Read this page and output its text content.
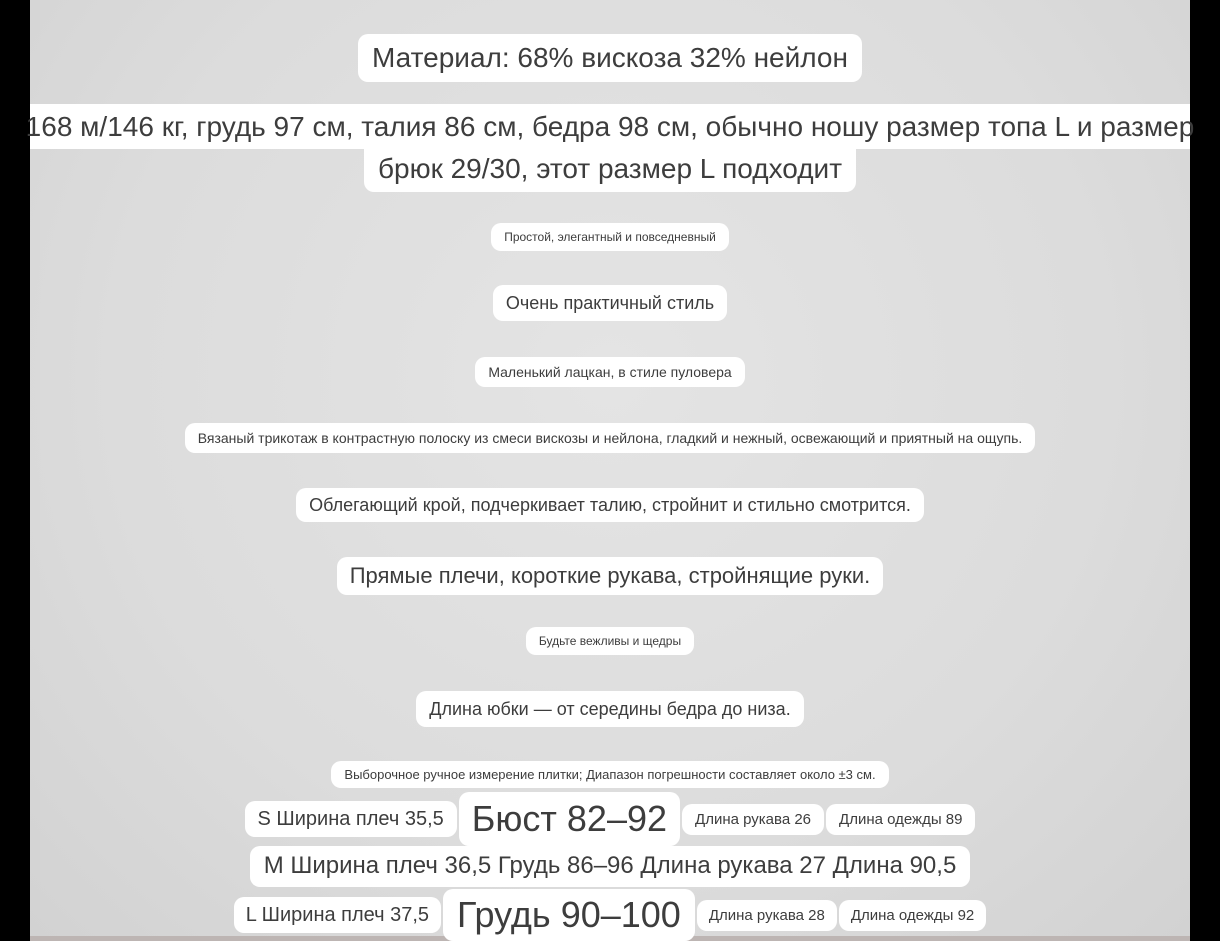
Материал: 68% вискоза 32% нейлон
168 м/146 кг, грудь 97 см, талия 86 см, бедра 98 см, обычно ношу размер топа L и размер
брюк 29/30, этот размер L подходит
Простой, элегантный и повседневный
Очень практичный стиль
Маленький лацкан, в стиле пуловера
Вязаный трикотаж в контрастную полоску из смеси вискозы и нейлона, гладкий и нежный, освежающий и приятный на ощупь.
Облегающий крой, подчеркивает талию, стройнит и стильно смотрится.
Прямые плечи, короткие рукава, стройнящие руки.
Будьте вежливы и щедры
Длина юбки — от середины бедра до низа.
Выборочное ручное измерение плитки; Диапазон погрешности составляет около ±3 см.
S Ширина плеч 35,5 Бюст 82–92	Длина рукава 26	Длина одежды 89
M Ширина плеч 36,5 Грудь 86–96 Длина рукава 27 Длина 90,5
L Ширина плеч 37,5 Грудь 90–100	Длина рукава 28	Длина одежды 92
